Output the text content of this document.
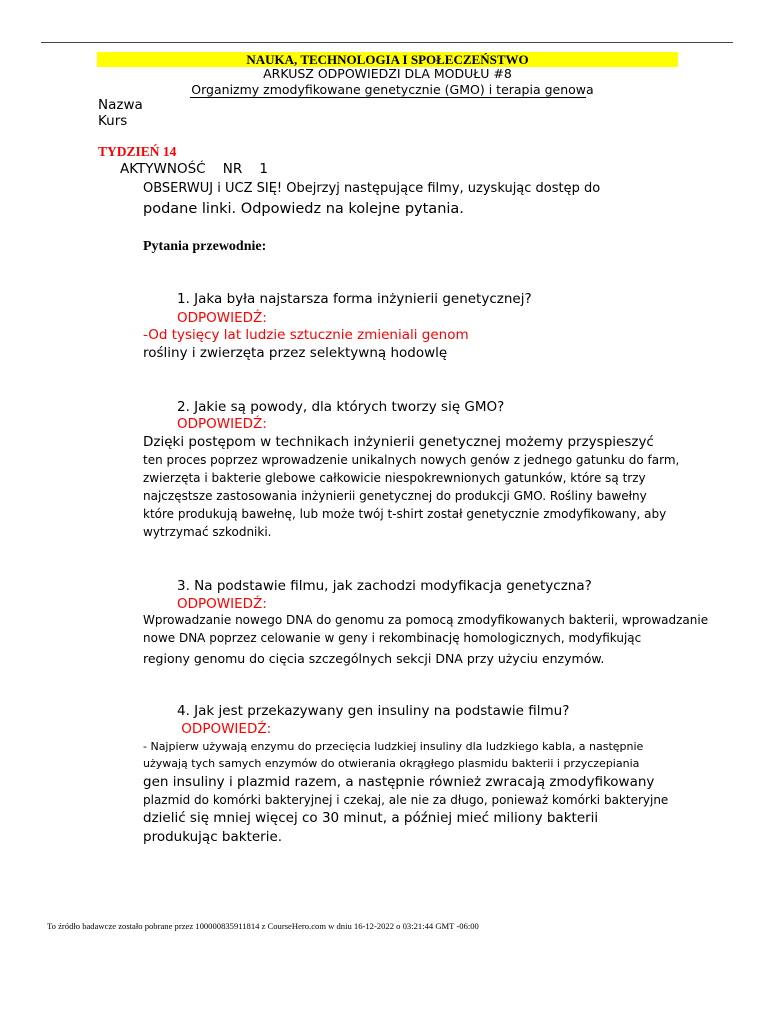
NAUKA, TECHNOLOGIA I SPOŁECZEŃSTWO
ARKUSZ ODPOWIEDZI DLA MODUŁU #8
Organizmy zmodyfikowane genetycznie (GMO) i terapia genowa
Nazwa
Kurs
TYDZIEŃ 14
AKTYWNOŚĆ    NR    1
OBSERWUJ i UCZ SIĘ! Obejrzyj następujące filmy, uzyskując dostęp do
podane linki. Odpowiedz na kolejne pytania.
Pytania przewodnie:
1. Jaka była najstarsza forma inżynierii genetycznej?
ODPOWIEDŹ:
-Od tysięcy lat ludzie sztucznie zmieniali genom
rośliny i zwierzęta przez selektywną hodowlę
2. Jakie są powody, dla których tworzy się GMO?
ODPOWIEDŹ:
Dzięki postępom w technikach inżynierii genetycznej możemy przyspieszyć
ten proces poprzez wprowadzenie unikalnych nowych genów z jednego gatunku do farm,
zwierzęta i bakterie glebowe całkowicie niespokrewnionych gatunków, które są trzy
najczęstsze zastosowania inżynierii genetycznej do produkcji GMO. Rośliny bawełny
które produkują bawełnę, lub może twój t-shirt został genetycznie zmodyfikowany, aby
wytrzymać szkodniki.
3. Na podstawie filmu, jak zachodzi modyfikacja genetyczna?
ODPOWIEDŹ:
Wprowadzanie nowego DNA do genomu za pomocą zmodyfikowanych bakterii, wprowadzanie
nowe DNA poprzez celowanie w geny i rekombinację homologicznych, modyfikując
regiony genomu do cięcia szczególnych sekcji DNA przy użyciu enzymów.
4. Jak jest przekazywany gen insuliny na podstawie filmu?
ODPOWIEDŹ:
- Najpierw używają enzymu do przecięcia ludzkiej insuliny dla ludzkiego kabla, a następnie
używają tych samych enzymów do otwierania okrągłego plasmidu bakterii i przyczepiania
gen insuliny i plazmid razem, a następnie również zwracają zmodyfikowany
plazmid do komórki bakteryjnej i czekaj, ale nie za długo, ponieważ komórki bakteryjne
dzielić się mniej więcej co 30 minut, a później mieć miliony bakterii
produkując bakterie.
To źródło badawcze zostało pobrane przez 100000835911814 z CourseHero.com w dniu 16-12-2022 o 03:21:44 GMT -06:00
